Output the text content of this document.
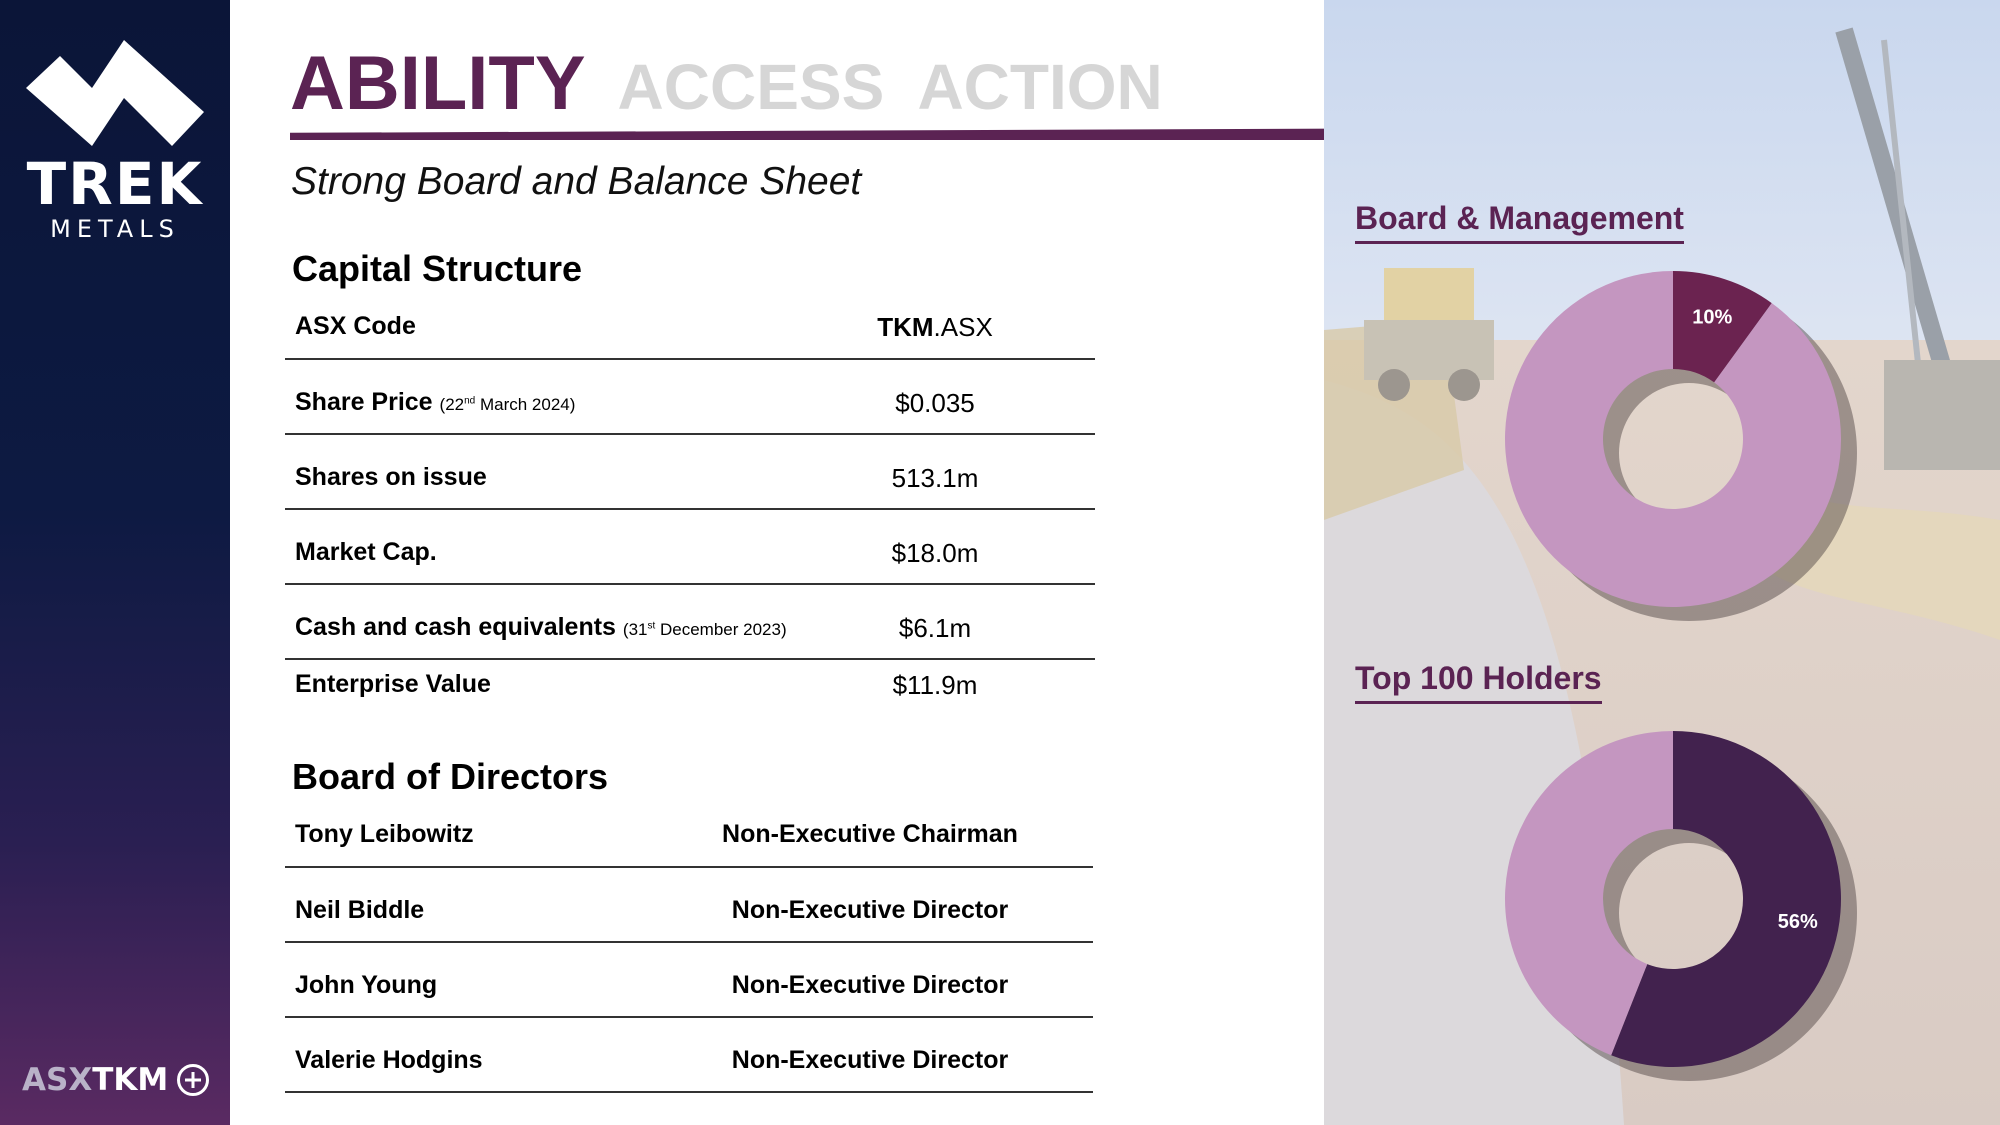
TREK
METALS
ASX TKM
ABILITY ACCESS  ACTION
Strong Board and Balance Sheet
Capital Structure
ASX Code	TKM.ASX
Share Price (22nd March 2024)	$0.035
Shares on issue	513.1m
Market Cap.	$18.0m
Cash and cash equivalents (31st December 2023)	$6.1m
Enterprise Value	$11.9m
Board of Directors
Tony Leibowitz	Non-Executive Chairman
Neil Biddle	Non-Executive Director
John Young	Non-Executive Director
Valerie Hodgins	Non-Executive Director
Board & Management
Top 100 Holders
10%
56%
